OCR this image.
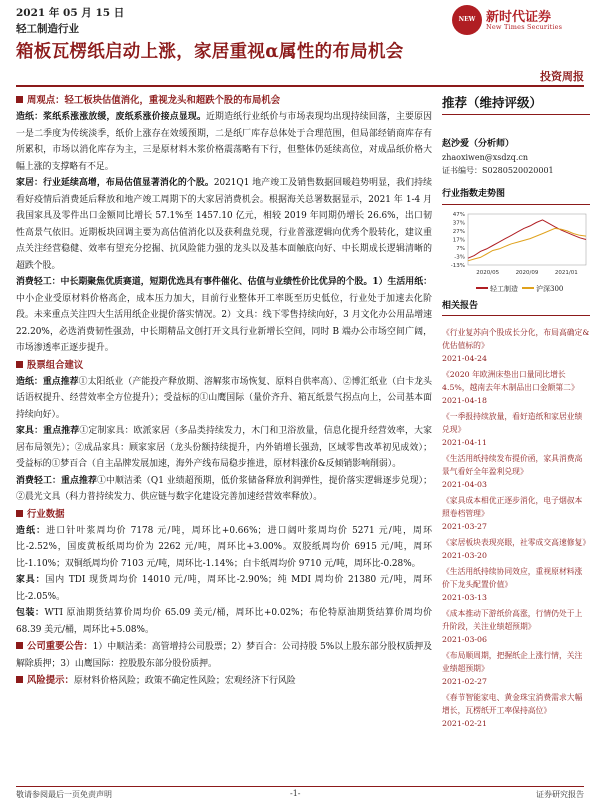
2021 年 05 月 15 日
轻工制造行业
箱板瓦楞纸启动上涨，家居重视α属性的布局机会
投资周报
NEW TIMES
新时代证券
New Times Securities
周观点：轻工板块估值消化，重视龙头和超跌个股的布局机会

造纸：浆纸系涨涨放缓，废纸系涨价接点显现。近期造纸行业纸价与市场表现均出现持续回落，主要原因一是二季度为传统淡季，纸价上涨存在效缓预期，二是纸厂库存总体处于合理范围，但局部经销商库存有所累积，市场以消化库存为主，三是原材料木浆价格震荡略有下行，但整体仍延续高位，对成品纸价格大幅上涨的支撑略有不足。

家居：行业延续高增，布局估值显著消化的个股。2021Q1 地产竣工及销售数据回暖趋势明显，我们持续看好疫情后消费延后释放和地产竣工周期下的大家居消费机会。根据海关总署数据显示，2021 年 1-4 月我国家具及零件出口金额同比增长 57.1%至 1457.10 亿元，相较 2019 年同期仍增长 26.6%，出口韧性高景气依旧。近期板块回调主要为高估值消化以及获利盘兑现，行业普涨逻辑向优秀个股转化，建议重点关注经营稳健、效率有望充分挖掘、抗风险能力强的龙头以及基本面触底向好、中长期成长逻辑清晰的超跌个股。

消费轻工：中长期聚焦优质赛道，短期优选具有事件催化、估值与业绩性价比优异的个股。1）生活用纸：中小企业受原材料价格高企，成本压力加大，目前行业整体开工率既至历史低位，行业处于加速去化阶段。未来重点关注四大生活用纸企业提价落实情况。2）文具：线下零售持续向好，3 月文化办公用品增速 22.20%，必选消费韧性强劲，中长期精品文创打开文具行业新增长空间，同时 B 端办公市场空间广阔，市场渗透率正逐步提升。

股票组合建议

造纸：重点推荐①太阳纸业（产能投产释放期、溶解浆市场恢复、原料自供率高）、②博汇纸业（白卡龙头话语权提升、经营效率全方位提升）；受益标的①山鹰国际（量价齐升、箱瓦纸景气拐点向上，公司基本面持续向好）。

家具：重点推荐①定制家具：欧派家居（多品类持续发力，木门和卫浴放量，信息化提升经营效率，大家居布局领先）；②成品家具：顾家家居（龙头份额持续提升，内外销增长强劲，区域零售改革初见成效）；受益标的①梦百合（自主品牌发展加速，海外产线布局稳步推进，原材料涨价&反倾销影响削弱）。

消费轻工：重点推荐①中顺洁柔（Q1 业绩超预期，低价浆储备释放利润弹性，提价落实逻辑逐步兑现）；②晨光文具（科力普持续发力、供应链与数字化建设完善加速经营效率释放）。

行业数据

造纸：进口针叶浆周均价 7178 元/吨，周环比+0.66%；进口阔叶浆周均价 5271 元/吨，周环比-2.52%，国废黄板纸周均价为 2262 元/吨，周环比+3.00%。双胶纸周均价 6915 元/吨，周环比-1.10%；双铜纸周均价 7103 元/吨，周环比-1.14%；白卡纸周均价 9710 元/吨，周环比-0.28%。

家具：国内 TDI 现货周均价 14010 元/吨，周环比-2.90%；纯 MDI 周均价 21380 元/吨，周环比-2.05%。

包装：WTI 原油期货结算价周均价 65.09 美元/桶，周环比+0.02%；布伦特原油期货结算价周均价 68.39 美元/桶，周环比+5.08%。

公司重要公告：1）中顺洁柔：高管增持公司股票；2）梦百合：公司持股 5%以上股东部分股权质押及解除质押；3）山鹰国际：控股股东部分股份质押。

风险提示：原材料价格风险；政策不确定性风险；宏观经济下行风险

推荐（维持评级）
赵沙爱（分析师）
zhaoxiwen@xsdzq.cn
证书编号：S0280520020001
行业指数走势图
47%
37%
27%
17%
7%
-3%
-13%
2020/05	2020/09	2021/01
轻工制造	沪深300
相关报告
《行业复苏向个股成长分化，布局高确定&优估值标的》
2021-04-24
《2020 年欧洲床垫出口量同比增长 4.5%，越南去年木制品出口金额第二》
2021-04-18
《一季报持续放量，看好造纸和家居业绩兑现》
2021-04-11
《生活用纸持续发布提价函，家具消费高景气看好全年盈利兑现》
2021-04-03
《家具成本相优正逐步消化，电子烟叔本照卷档管理》
2021-03-27
《家居板块表现亮眼，社零成交高速修复》
2021-03-20
《生活用纸持续协同效应，重视原材料涨价下龙头配置价值》
2021-03-13
《成本推动下游纸价高涨，行情仍处于上升阶段，关注业绩超预期》
2021-03-06
《布局顺周期，把握纸企上涨行情，关注业绩超预期》
2021-02-27
《春节智能家电、黄金珠宝消费需求大幅增长，瓦楞纸开工率保持高位》
2021-02-21
敬请参阅最后一页免责声明	-1-	证券研究报告
